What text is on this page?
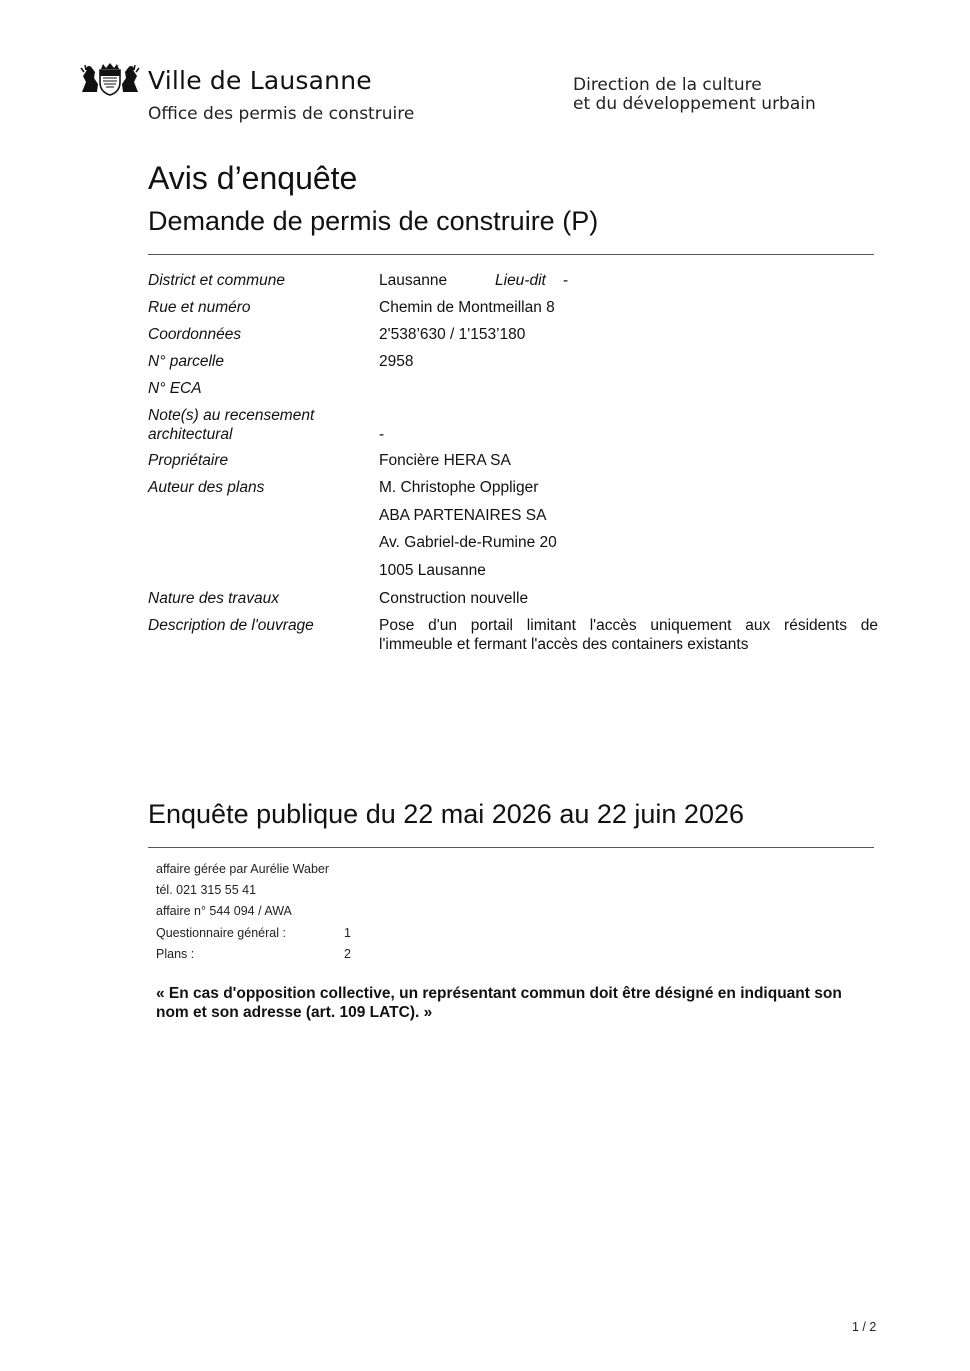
Ville de Lausanne
Office des permis de construire
Direction de la culture
et du développement urbain
Avis d’enquête
Demande de permis de construire (P)
District et commune	Lausanne	Lieu-dit -
Rue et numéro	Chemin de Montmeillan 8
Coordonnées	2'538’630 / 1'153’180
N° parcelle	2958
N° ECA
Note(s) au recensement
architectural	-
Propriétaire	Foncière HERA SA
Auteur des plans	M. Christophe Oppliger
ABA PARTENAIRES SA
Av. Gabriel-de-Rumine 20
1005 Lausanne
Nature des travaux	Construction nouvelle
Description de l'ouvrage	Pose d'un portail limitant l'accès uniquement aux résidents de l'immeuble et fermant l'accès des containers existants
Enquête publique du 22 mai 2026 au 22 juin 2026
affaire gérée par Aurélie Waber
tél. 021 315 55 41
affaire n° 544 094 / AWA
Questionnaire général :	1
Plans :	2
« En cas d'opposition collective, un représentant commun doit être désigné en indiquant son nom et son adresse (art. 109 LATC). »
1 / 2
